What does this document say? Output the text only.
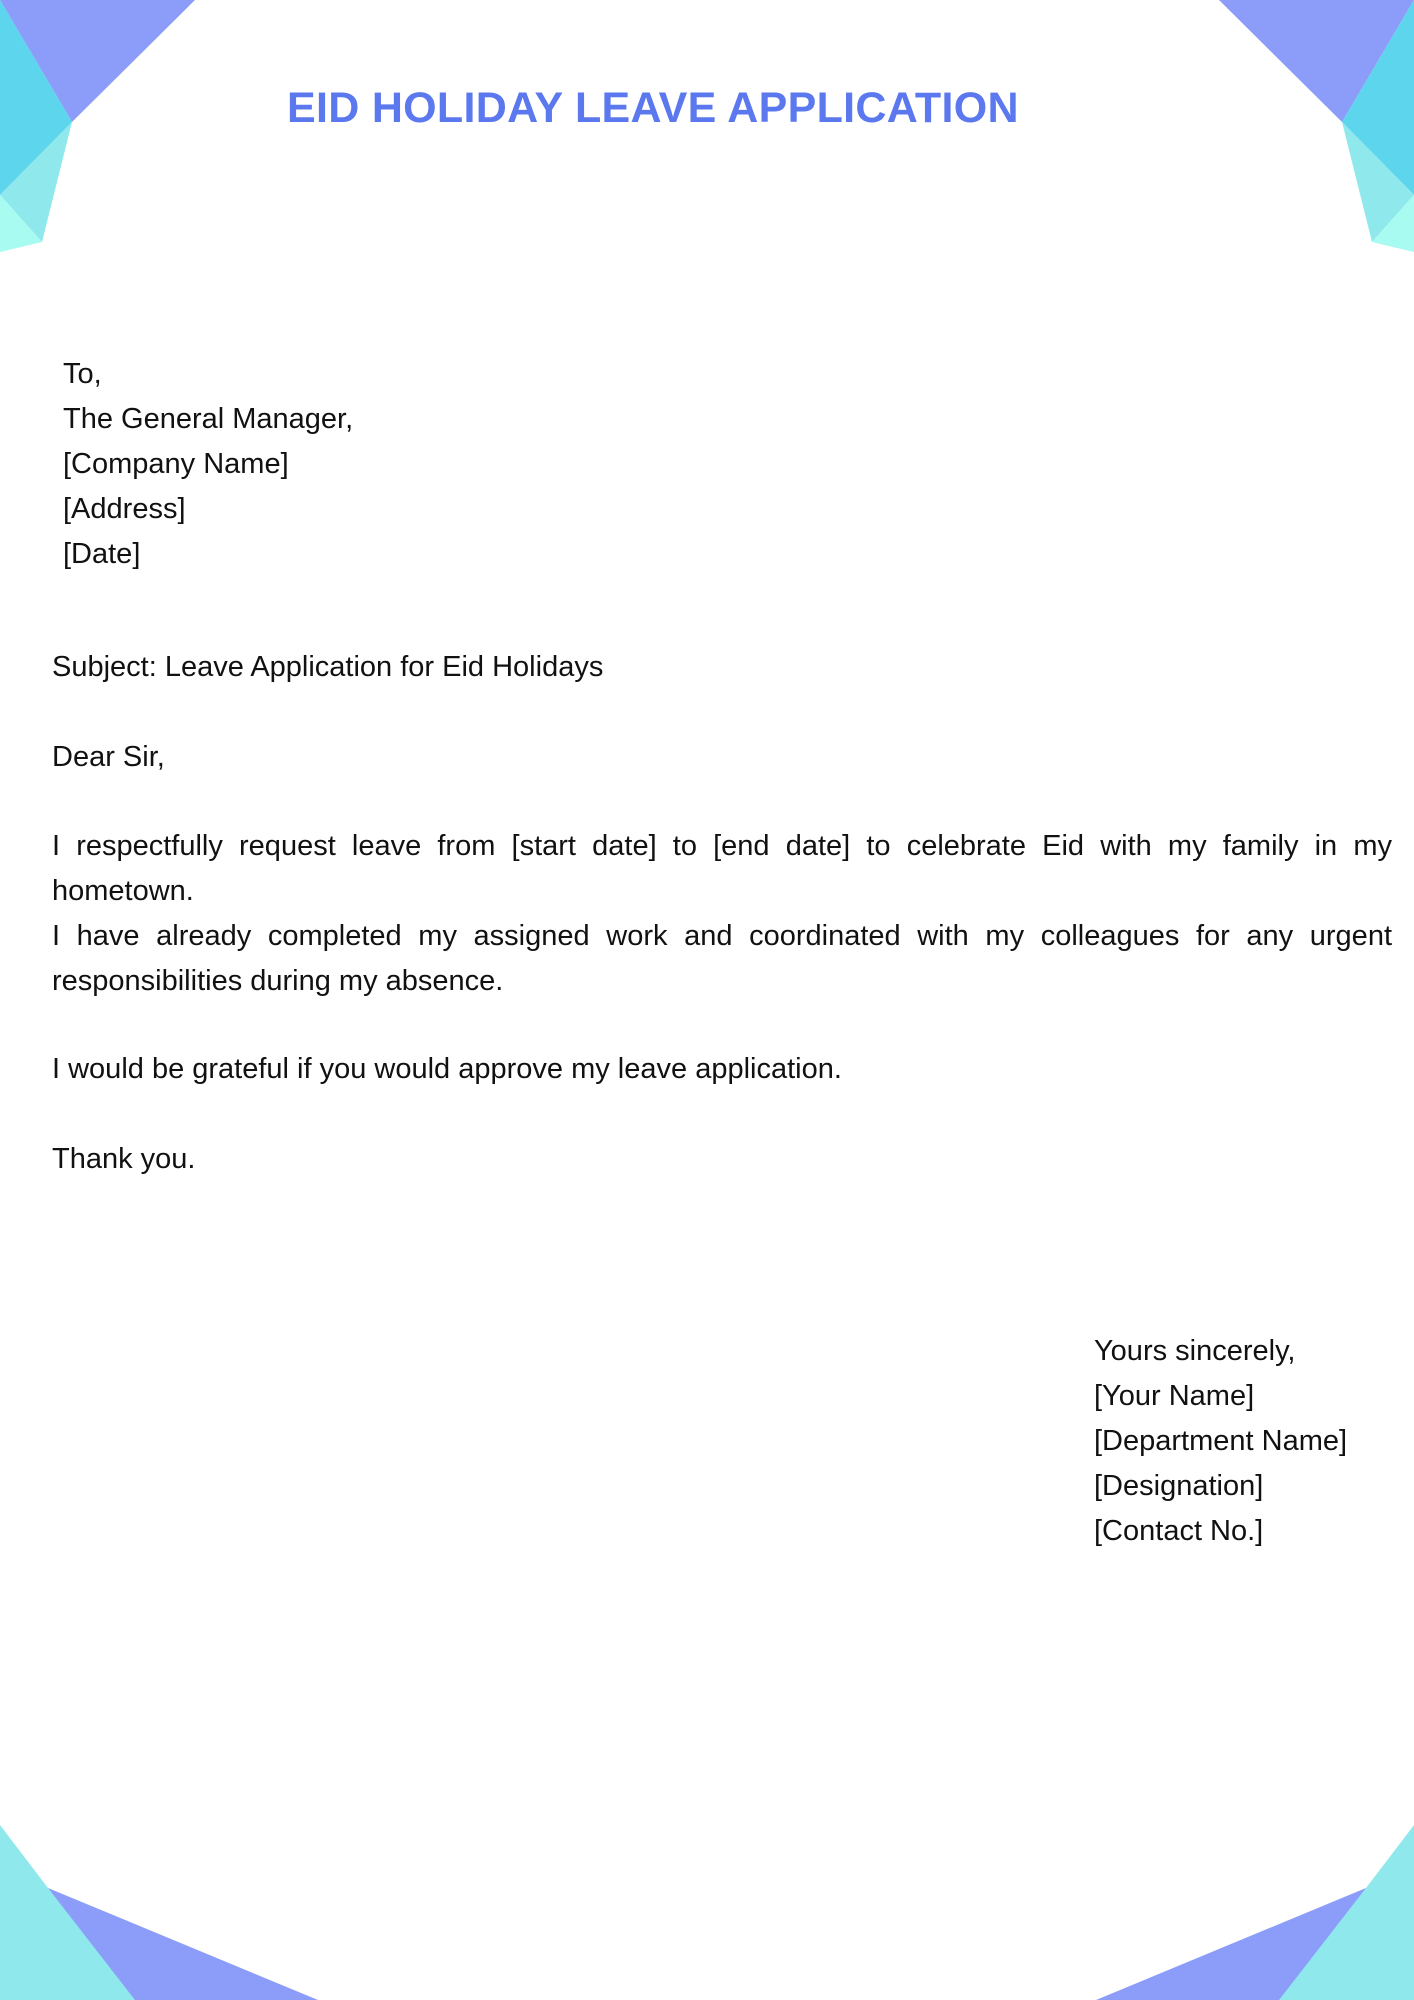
EID HOLIDAY LEAVE APPLICATION
To,
The General Manager,
[Company Name]
[Address]
[Date]
Subject: Leave Application for Eid Holidays
Dear Sir,

I respectfully request leave from [start date] to [end date] to celebrate Eid with my family in my hometown.
I have already completed my assigned work and coordinated with my colleagues for any urgent responsibilities during my absence.

I would be grateful if you would approve my leave application.

Thank you.

Yours sincerely,
[Your Name]
[Department Name]
[Designation]
[Contact No.]
